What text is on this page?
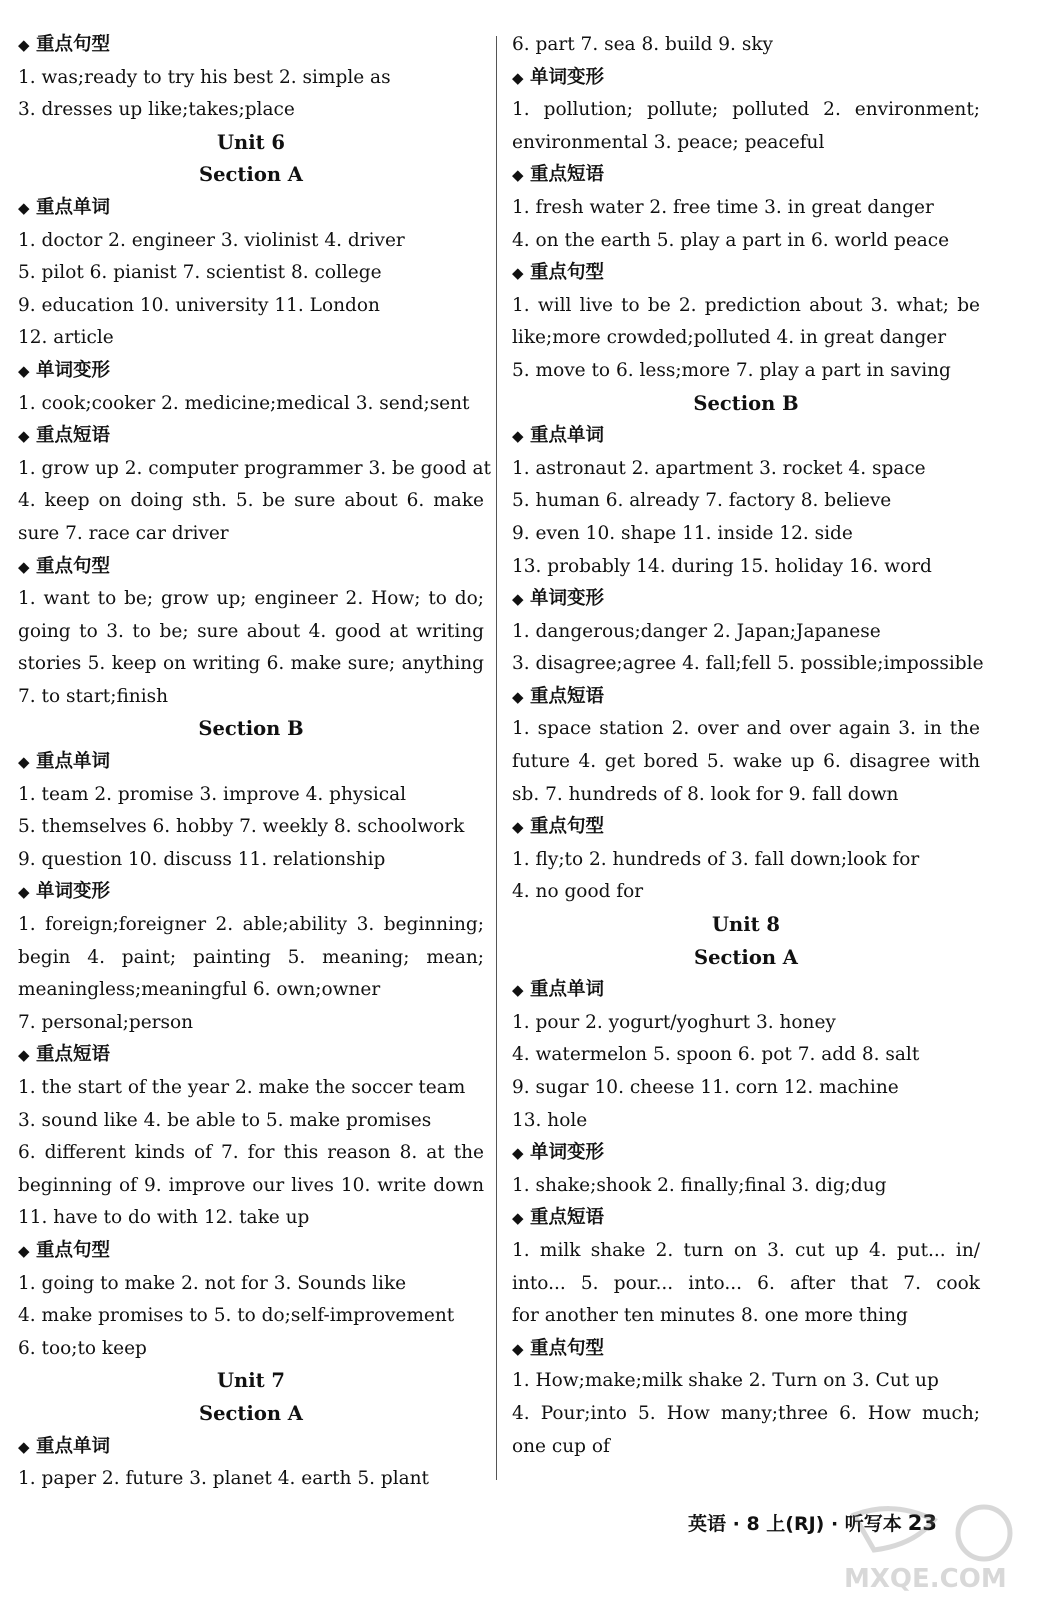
◆ 重点句型
1. was;ready to try his best 2. simple as
3. dresses up like;takes;place
Unit 6
Section A
◆ 重点单词
1. doctor 2. engineer 3. violinist 4. driver
5. pilot 6. pianist 7. scientist 8. college
9. education 10. university 11. London
12. article
◆ 单词变形
1. cook;cooker 2. medicine;medical 3. send;sent
◆ 重点短语
1. grow up 2. computer programmer 3. be good at
4. keep on doing sth. 5. be sure about 6. make
sure 7. race car driver
◆ 重点句型
1. want to be; grow up; engineer 2. How; to do;
going to 3. to be; sure about 4. good at writing
stories 5. keep on writing 6. make sure; anything
7. to start;finish
Section B
◆ 重点单词
1. team 2. promise 3. improve 4. physical
5. themselves 6. hobby 7. weekly 8. schoolwork
9. question 10. discuss 11. relationship
◆ 单词变形
1. foreign;foreigner 2. able;ability 3. beginning;
begin 4. paint; painting 5. meaning; mean;
meaningless;meaningful 6. own;owner
7. personal;person
◆ 重点短语
1. the start of the year 2. make the soccer team
3. sound like 4. be able to 5. make promises
6. different kinds of 7. for this reason 8. at the
beginning of 9. improve our lives 10. write down
11. have to do with 12. take up
◆ 重点句型
1. going to make 2. not for 3. Sounds like
4. make promises to 5. to do;self-improvement
6. too;to keep
Unit 7
Section A
◆ 重点单词
1. paper 2. future 3. planet 4. earth 5. plant
6. part 7. sea 8. build 9. sky
◆ 单词变形
1. pollution; pollute; polluted 2. environment;
environmental 3. peace; peaceful
◆ 重点短语
1. fresh water 2. free time 3. in great danger
4. on the earth 5. play a part in 6. world peace
◆ 重点句型
1. will live to be 2. prediction about 3. what; be
like;more crowded;polluted 4. in great danger
5. move to 6. less;more 7. play a part in saving
Section B
◆ 重点单词
1. astronaut 2. apartment 3. rocket 4. space
5. human 6. already 7. factory 8. believe
9. even 10. shape 11. inside 12. side
13. probably 14. during 15. holiday 16. word
◆ 单词变形
1. dangerous;danger 2. Japan;Japanese
3. disagree;agree 4. fall;fell 5. possible;impossible
◆ 重点短语
1. space station 2. over and over again 3. in the
future 4. get bored 5. wake up 6. disagree with
sb. 7. hundreds of 8. look for 9. fall down
◆ 重点句型
1. fly;to 2. hundreds of 3. fall down;look for
4. no good for
Unit 8
Section A
◆ 重点单词
1. pour 2. yogurt/yoghurt 3. honey
4. watermelon 5. spoon 6. pot 7. add 8. salt
9. sugar 10. cheese 11. corn 12. machine
13. hole
◆ 单词变形
1. shake;shook 2. finally;final 3. dig;dug
◆ 重点短语
1. milk shake 2. turn on 3. cut up 4. put... in/
into... 5. pour... into... 6. after that 7. cook
for another ten minutes 8. one more thing
◆ 重点句型
1. How;make;milk shake 2. Turn on 3. Cut up
4. Pour;into 5. How many;three 6. How much;
one cup of
英语 · 8 上(RJ) · 听写本 23
MXQE.COM
